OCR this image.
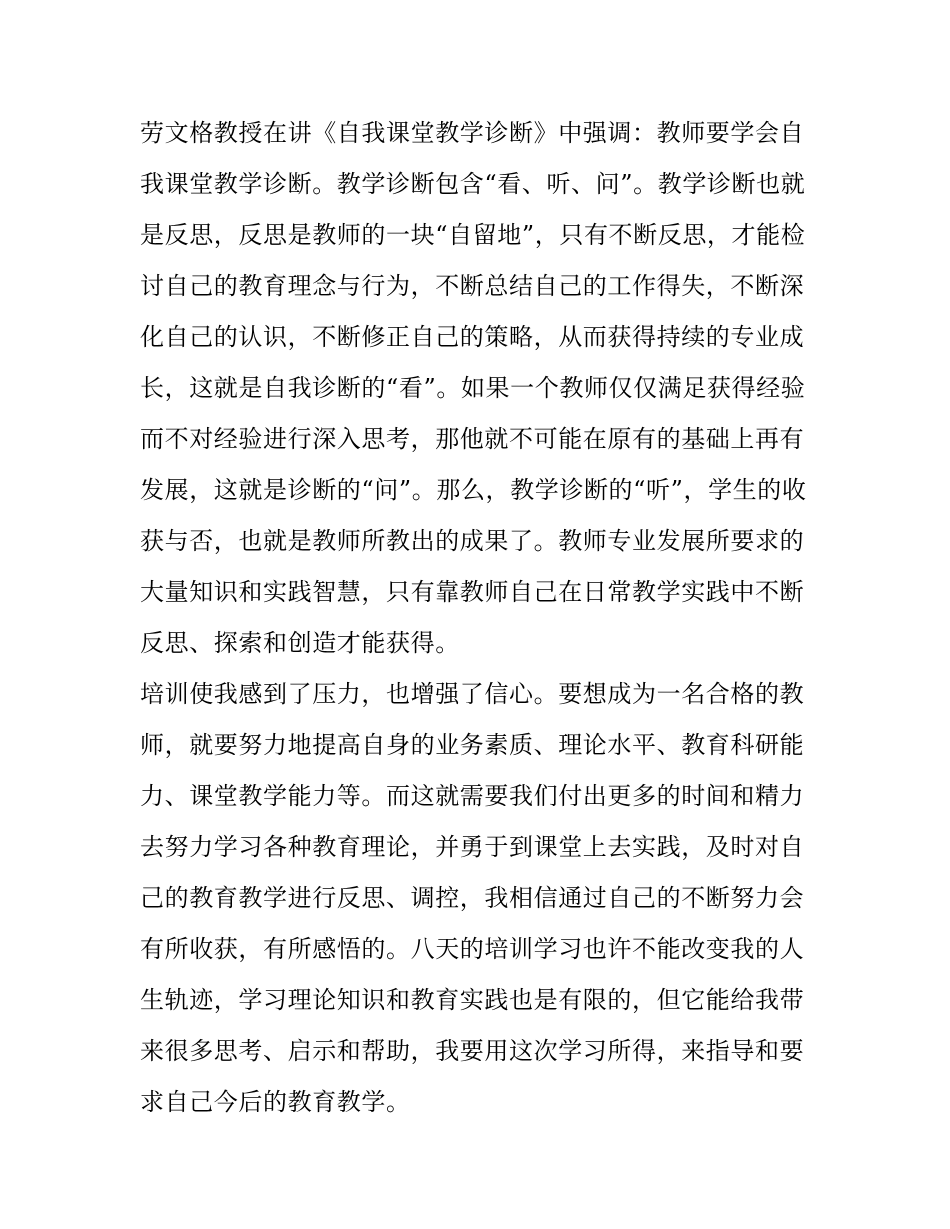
劳文格教授在讲《自我课堂教学诊断》中强调：教师要学会自
我课堂教学诊断。教学诊断包含“看、听、问”。教学诊断也就
是反思，反思是教师的一块“自留地”，只有不断反思，才能检
讨自己的教育理念与行为，不断总结自己的工作得失，不断深
化自己的认识，不断修正自己的策略，从而获得持续的专业成
长，这就是自我诊断的“看”。如果一个教师仅仅满足获得经验
而不对经验进行深入思考，那他就不可能在原有的基础上再有
发展，这就是诊断的“问”。那么，教学诊断的“听”，学生的收
获与否，也就是教师所教出的成果了。教师专业发展所要求的
大量知识和实践智慧，只有靠教师自己在日常教学实践中不断
反思、探索和创造才能获得。
培训使我感到了压力，也增强了信心。要想成为一名合格的教
师，就要努力地提高自身的业务素质、理论水平、教育科研能
力、课堂教学能力等。而这就需要我们付出更多的时间和精力
去努力学习各种教育理论，并勇于到课堂上去实践，及时对自
己的教育教学进行反思、调控，我相信通过自己的不断努力会
有所收获，有所感悟的。八天的培训学习也许不能改变我的人
生轨迹，学习理论知识和教育实践也是有限的，但它能给我带
来很多思考、启示和帮助，我要用这次学习所得，来指导和要
求自己今后的教育教学。
